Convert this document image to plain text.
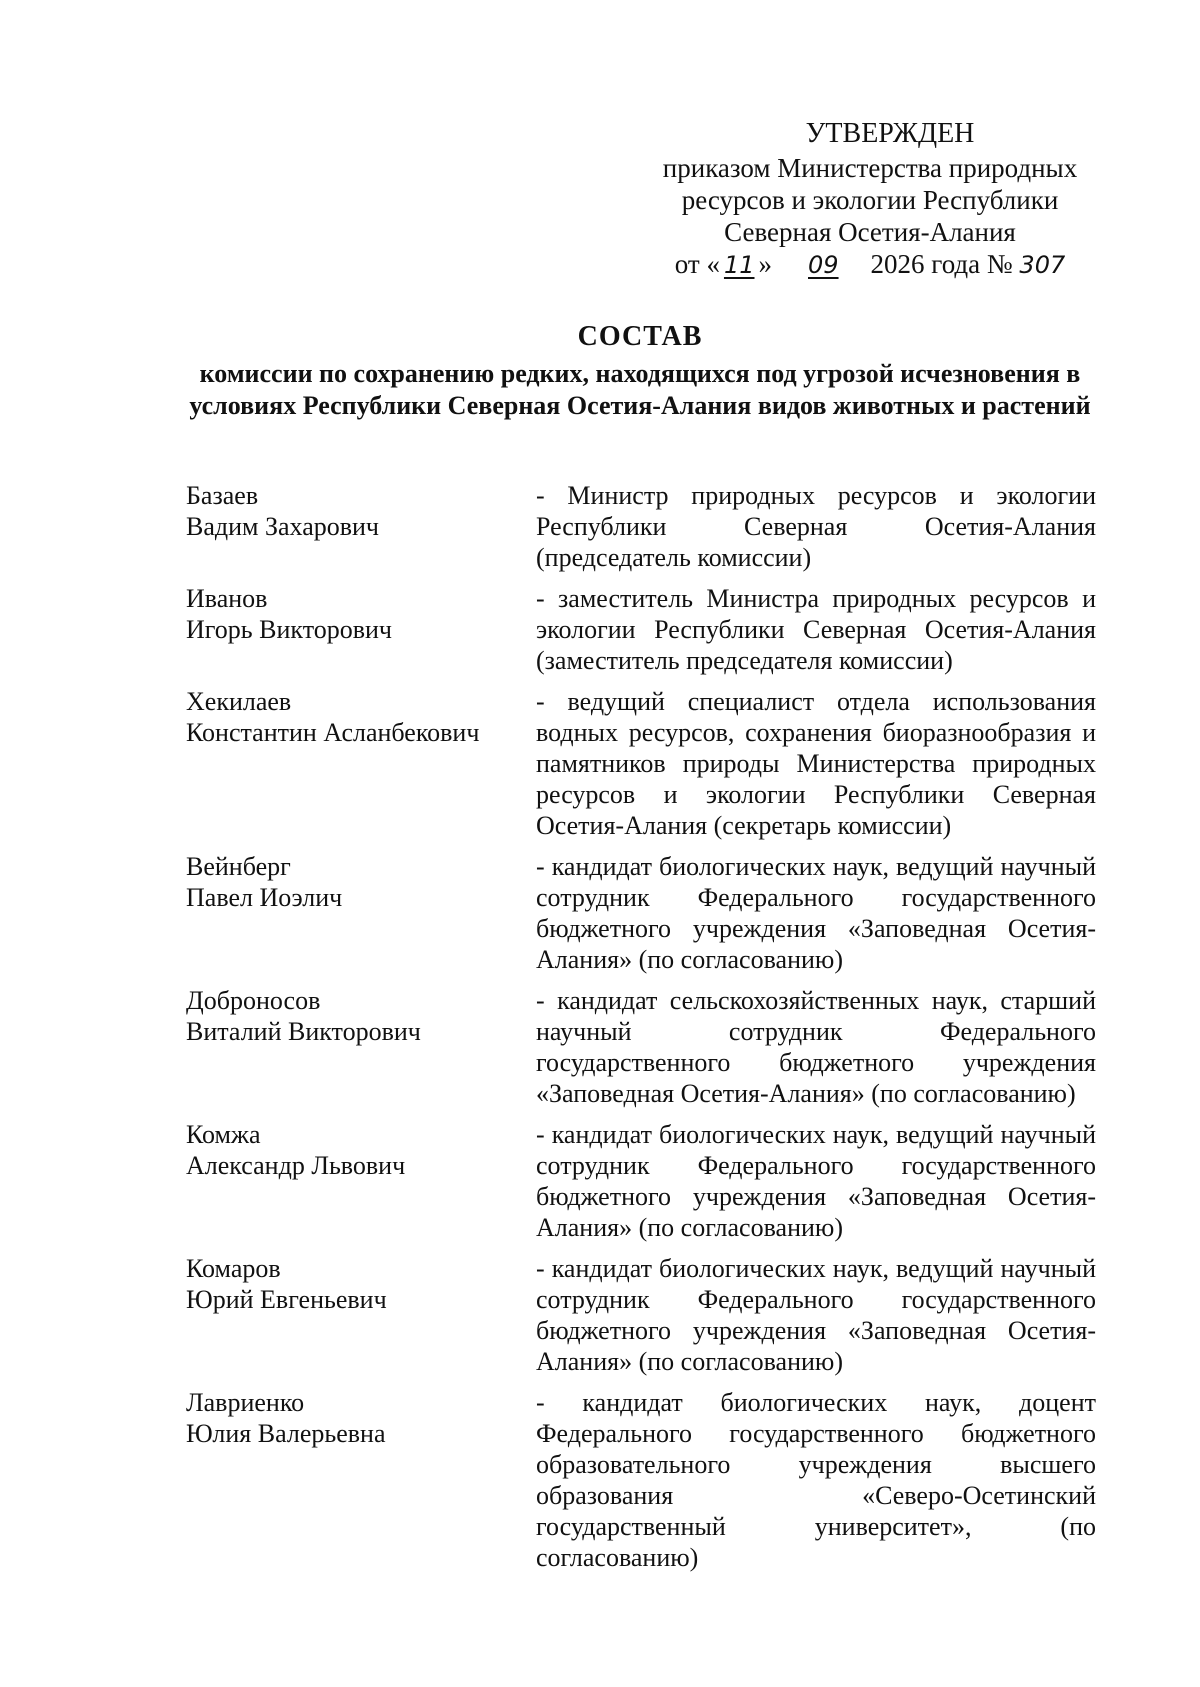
УТВЕРЖДЕН
приказом Министерства природных
ресурсов и экологии Республики
Северная Осетия-Алания
от « 11 » 09 2026 года № 307
СОСТАВ
комиссии по сохранению редких, находящихся под угрозой исчезновения в условиях Республики Северная Осетия-Алания видов животных и растений
Базаев
Вадим Захарович
- Министр природных ресурсов и экологии Республики Северная Осетия-Алания (председатель комиссии)
Иванов
Игорь Викторович
- заместитель Министра природных ресурсов и экологии Республики Северная Осетия-Алания (заместитель председателя комиссии)
Хекилаев
Константин Асланбекович
- ведущий специалист отдела использования водных ресурсов, сохранения биоразнообразия и памятников природы Министерства природных ресурсов и экологии Республики Северная Осетия-Алания (секретарь комиссии)
Вейнберг
Павел Иоэлич
- кандидат биологических наук, ведущий научный сотрудник Федерального государственного бюджетного учреждения «Заповедная Осетия-Алания» (по согласованию)
Доброносов
Виталий Викторович
- кандидат сельскохозяйственных наук, старший научный сотрудник Федерального государственного бюджетного учреждения «Заповедная Осетия-Алания» (по согласованию)
Комжа
Александр Львович
- кандидат биологических наук, ведущий научный сотрудник Федерального государственного бюджетного учреждения «Заповедная Осетия-Алания» (по согласованию)
Комаров
Юрий Евгеньевич
- кандидат биологических наук, ведущий научный сотрудник Федерального государственного бюджетного учреждения «Заповедная Осетия-Алания» (по согласованию)
Лавриенко
Юлия Валерьевна
- кандидат биологических наук, доцент Федерального государственного бюджетного образовательного учреждения высшего образования «Северо-Осетинский государственный университет», (по согласованию)
